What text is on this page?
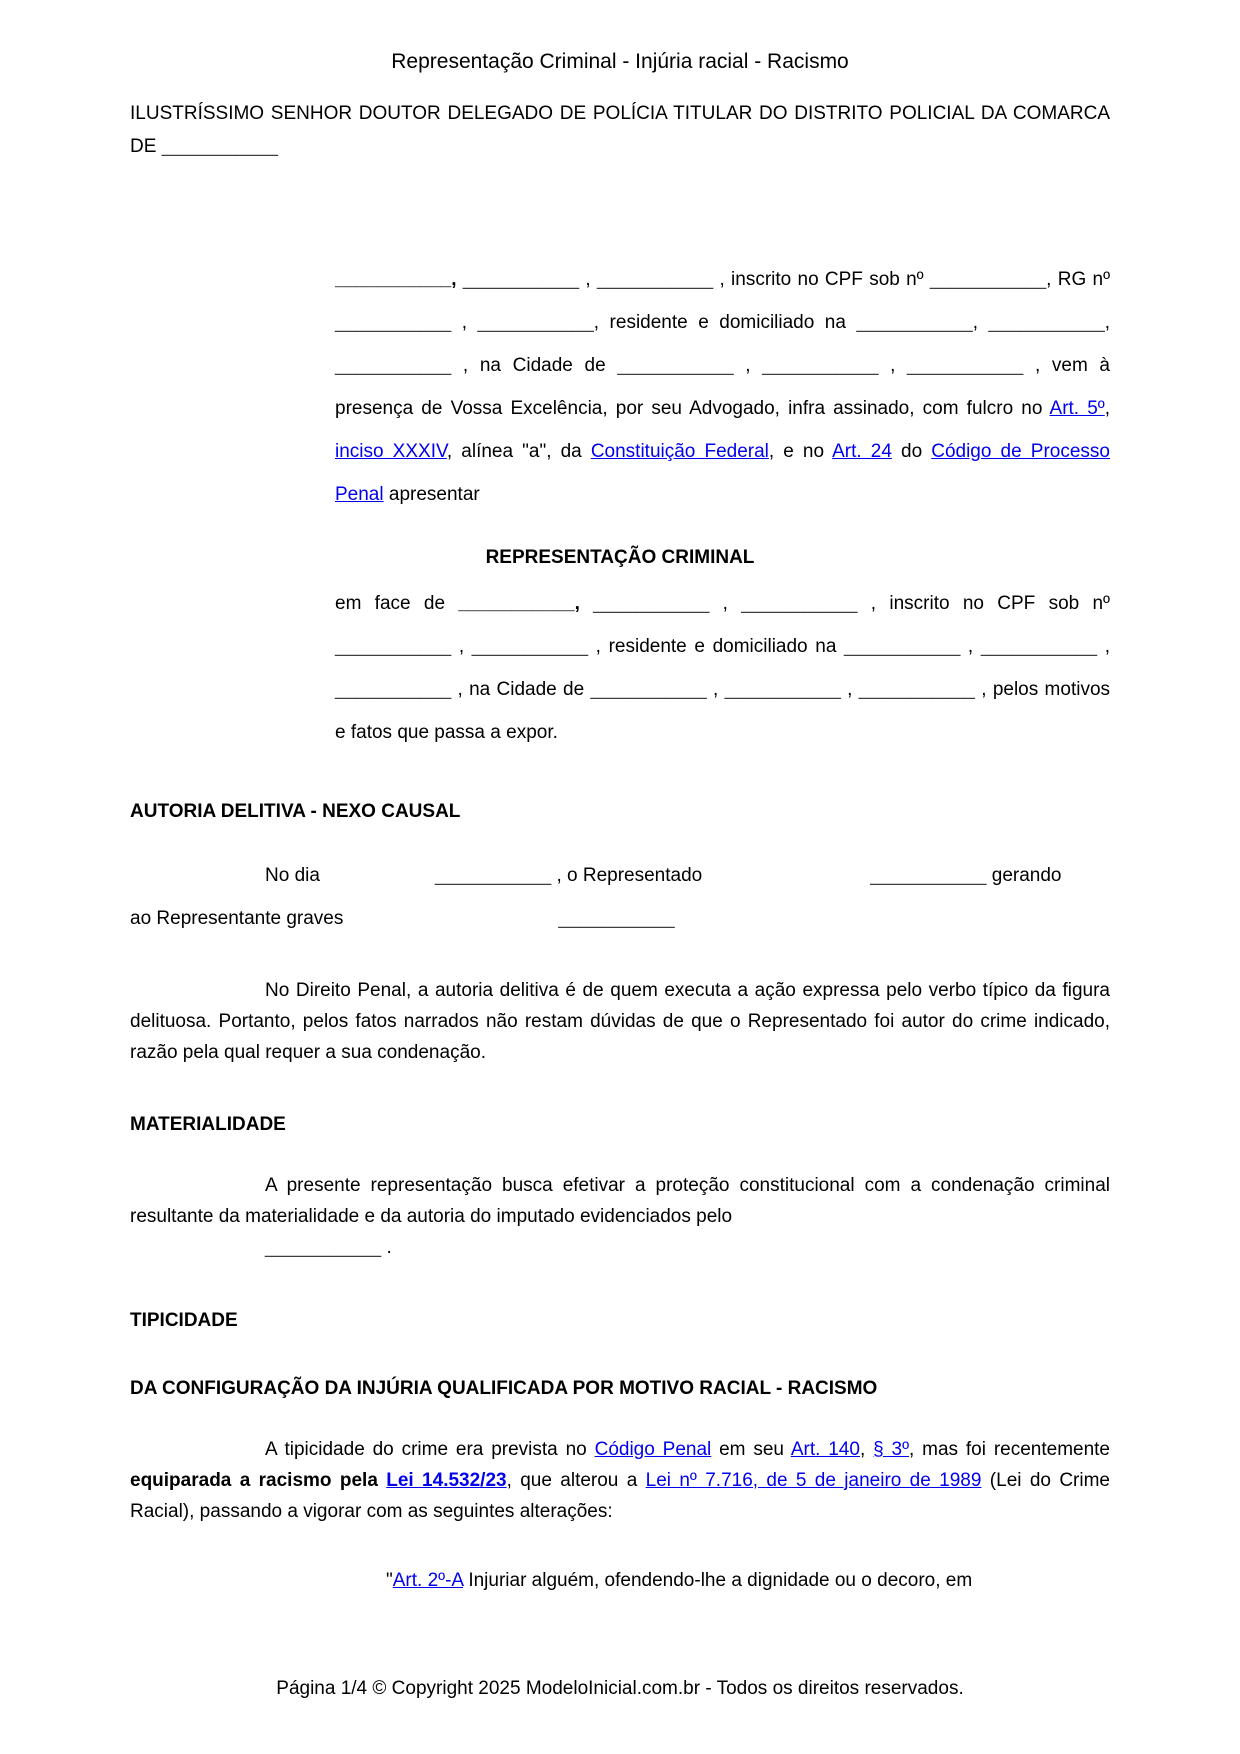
Representação Criminal - Injúria racial - Racismo
ILUSTRÍSSIMO SENHOR DOUTOR DELEGADO DE POLÍCIA TITULAR DO DISTRITO POLICIAL DA COMARCA DE ___________
___________, ___________ , ___________ , inscrito no CPF sob nº ___________, RG nº ___________ , ___________, residente e domiciliado na ___________, ___________, ___________ , na Cidade de ___________ , ___________ , ___________ , vem à presença de Vossa Excelência, por seu Advogado, infra assinado, com fulcro no Art. 5º, inciso XXXIV, alínea "a", da Constituição Federal, e no Art. 24 do Código de Processo Penal apresentar
REPRESENTAÇÃO CRIMINAL
em face de ___________, ___________ , ___________ , inscrito no CPF sob nº ___________ , ___________ , residente e domiciliado na ___________ , ___________ , ___________ , na Cidade de ___________ , ___________ , ___________ , pelos motivos e fatos que passa a expor.
AUTORIA DELITIVA - NEXO CAUSAL
No dia	___________ , o Representado	___________ gerando
ao Representante graves	___________
No Direito Penal, a autoria delitiva é de quem executa a ação expressa pelo verbo típico da figura delituosa. Portanto, pelos fatos narrados não restam dúvidas de que o Representado foi autor do crime indicado, razão pela qual requer a sua condenação.
MATERIALIDADE
A presente representação busca efetivar a proteção constitucional com a condenação criminal resultante da materialidade e da autoria do imputado evidenciados pelo
___________ .
TIPICIDADE
DA CONFIGURAÇÃO DA INJÚRIA QUALIFICADA POR MOTIVO RACIAL - RACISMO
A tipicidade do crime era prevista no Código Penal em seu Art. 140, § 3º, mas foi recentemente equiparada a racismo pela Lei 14.532/23, que alterou a Lei nº 7.716, de 5 de janeiro de 1989 (Lei do Crime Racial), passando a vigorar com as seguintes alterações:
"Art. 2º-A Injuriar alguém, ofendendo-lhe a dignidade ou o decoro, em
Página 1/4 © Copyright 2025 ModeloInicial.com.br - Todos os direitos reservados.
